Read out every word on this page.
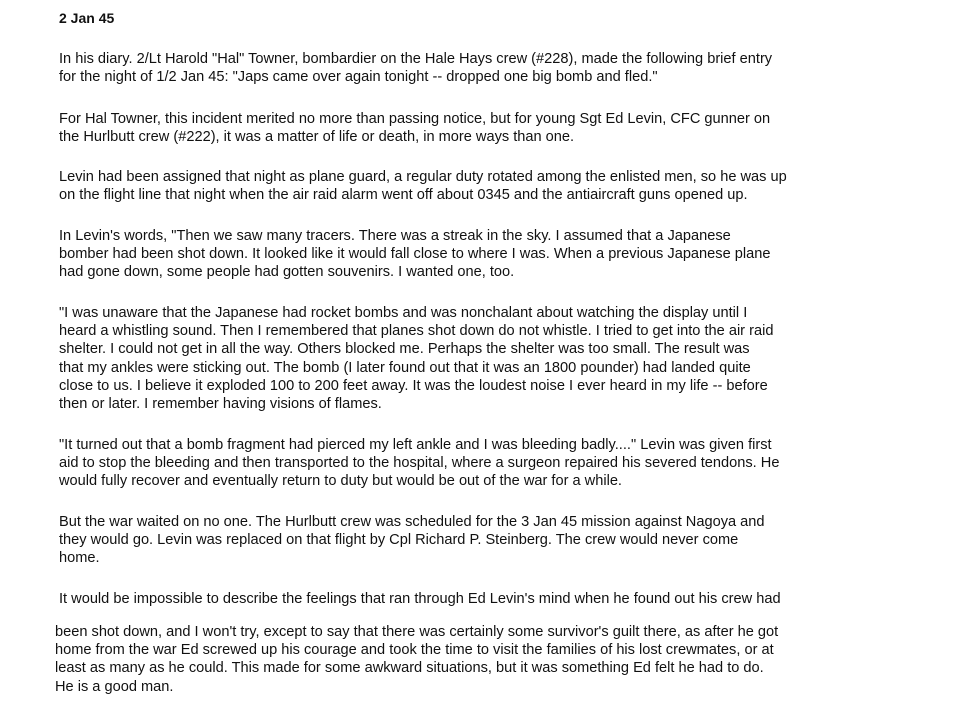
2 Jan 45
In his diary. 2/Lt Harold "Hal" Towner, bombardier on the Hale Hays crew (#228), made the following brief entry
for the night of 1/2 Jan 45: "Japs came over again tonight -- dropped one big bomb and fled."
For Hal Towner, this incident merited no more than passing notice, but for young Sgt Ed Levin, CFC gunner on
the Hurlbutt crew (#222), it was a matter of life or death, in more ways than one.
Levin had been assigned that night as plane guard, a regular duty rotated among the enlisted men, so he was up
on the flight line that night when the air raid alarm went off about 0345 and the antiaircraft guns opened up.
In Levin's words, "Then we saw many tracers. There was a streak in the sky. I assumed that a Japanese
bomber had been shot down. It looked like it would fall close to where I was. When a previous Japanese plane
had gone down, some people had gotten souvenirs. I wanted one, too.
"I was unaware that the Japanese had rocket bombs and was nonchalant about watching the display until I
heard a whistling sound. Then I remembered that planes shot down do not whistle. I tried to get into the air raid
shelter. I could not get in all the way. Others blocked me. Perhaps the shelter was too small. The result was
that my ankles were sticking out. The bomb (I later found out that it was an 1800 pounder) had landed quite
close to us. I believe it exploded 100 to 200 feet away. It was the loudest noise I ever heard in my life -- before
then or later. I remember having visions of flames.
"It turned out that a bomb fragment had pierced my left ankle and I was bleeding badly...." Levin was given first
aid to stop the bleeding and then transported to the hospital, where a surgeon repaired his severed tendons. He
would fully recover and eventually return to duty but would be out of the war for a while.
But the war waited on no one. The Hurlbutt crew was scheduled for the 3 Jan 45 mission against Nagoya and
they would go. Levin was replaced on that flight by Cpl Richard P. Steinberg. The crew would never come
home.
It would be impossible to describe the feelings that ran through Ed Levin's mind when he found out his crew had
been shot down, and I won't try, except to say that there was certainly some survivor's guilt there, as after he got
home from the war Ed screwed up his courage and took the time to visit the families of his lost crewmates, or at
least as many as he could. This made for some awkward situations, but it was something Ed felt he had to do.
He is a good man.
